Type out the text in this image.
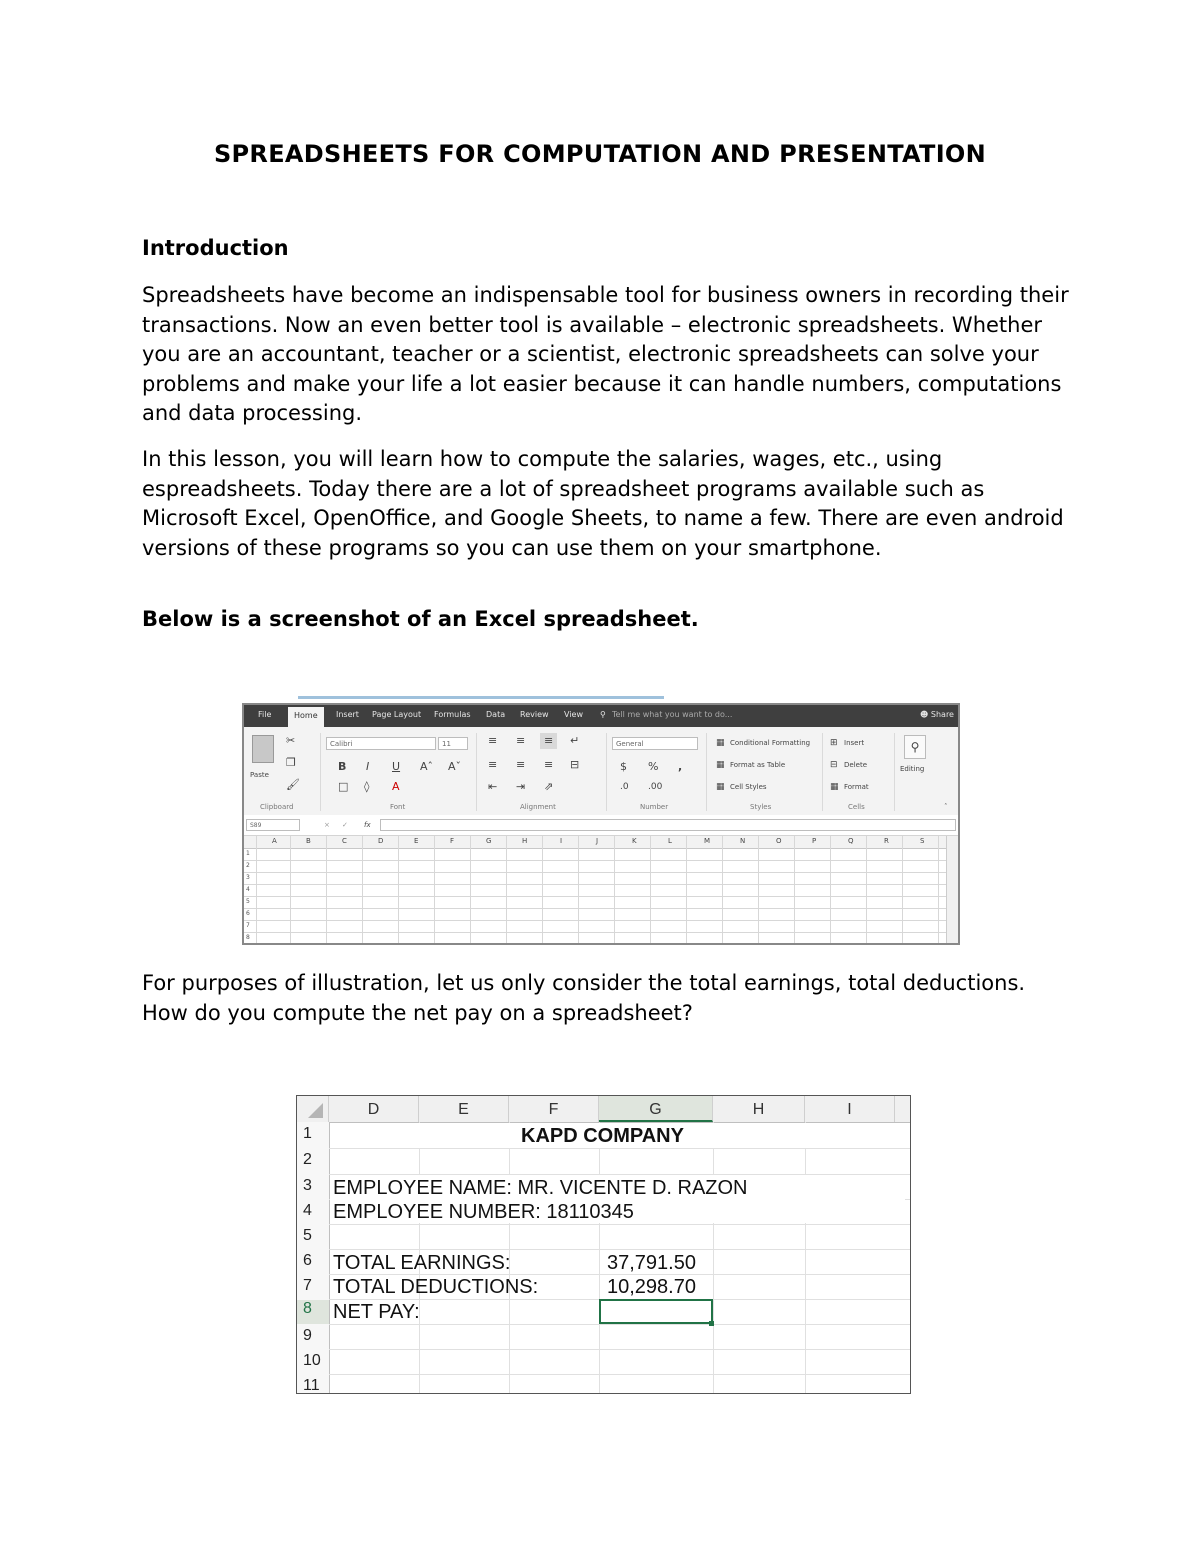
SPREADSHEETS FOR COMPUTATION AND PRESENTATION
Introduction

Spreadsheets have become an indispensable tool for business owners in recording their transactions. Now an even better tool is available – electronic spreadsheets. Whether you are an accountant, teacher or a scientist, electronic spreadsheets can solve your problems and make your life a lot easier because it can handle numbers, computations and data processing.

In this lesson, you will learn how to compute the salaries, wages, etc., using espreadsheets. Today there are a lot of spreadsheet programs available such as Microsoft Excel, OpenOffice, and Google Sheets, to name a few. There are even android versions of these programs so you can use them on your smartphone.

Below is a screenshot of an Excel spreadsheet.
File	Home	Insert Page Layout Formulas Data Review View ⚲ Tell me what you want to do...	☻ Share
Paste
✂
❐
🖌
Clipboard
Calibri	11
B I U Aˆ Aˇ
□ ◊ A
Font
≡ ≡	≡	↵
≡ ≡ ≡ ⊟
⇤ ⇥ ⇗
Alignment
General
$ % ,
.0 .00
Number
▦ Conditional Formatting
▦ Format as Table
▦ Cell Styles
Styles
⊞ Insert
⊟ Delete
▦ Format
Cells
⚲
Editing
ˆ
S89	× ✓ fx
A	B	C	D	E	F	G	H	I	J	K	L	M	N	O	P	Q	R	S
1
2
3
4
5
6
7
8

For purposes of illustration, let us only consider the total earnings, total deductions. How do you compute the net pay on a spreadsheet?

D	E	F	G	H	I
1
2
3
4
5
6
7
8
9
10
11
KAPD COMPANY
EMPLOYEE NAME: MR. VICENTE D. RAZON
EMPLOYEE NUMBER: 18110345
TOTAL EARNINGS:	37,791.50
TOTAL DEDUCTIONS:	10,298.70
NET PAY:
